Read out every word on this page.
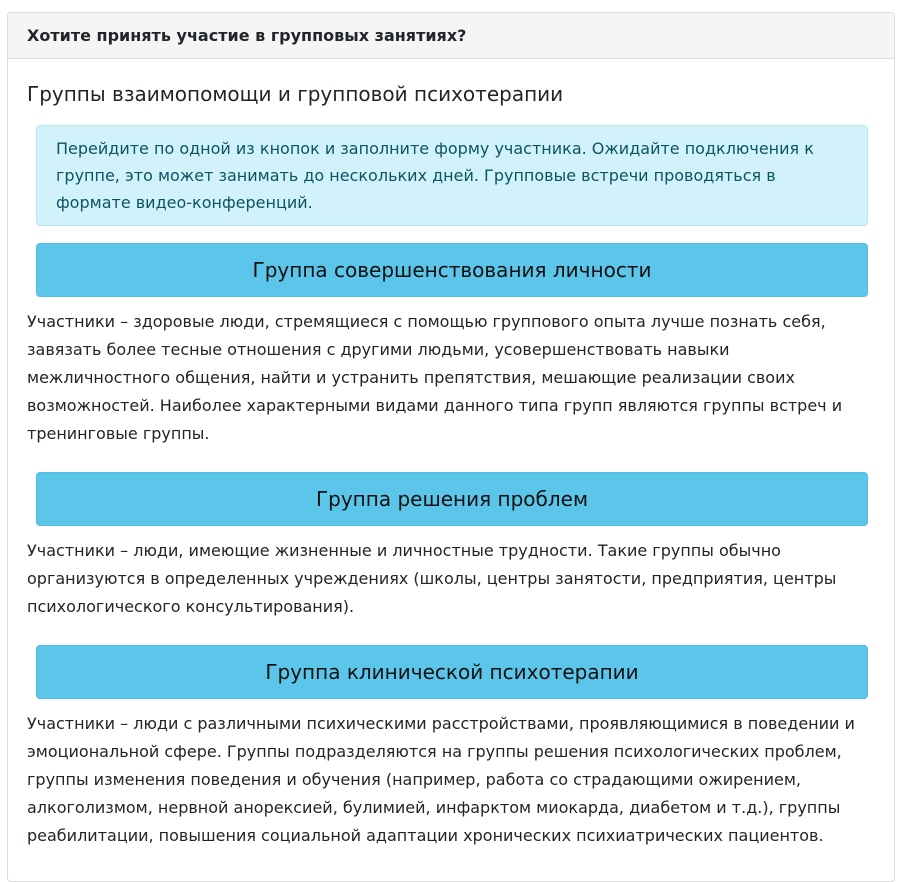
Хотите принять участие в групповых занятиях?
Группы взаимопомощи и групповой психотерапии
Перейдите по одной из кнопок и заполните форму участника. Ожидайте подключения к группе, это может занимать до нескольких дней. Групповые встречи проводяться в формате видео-конференций.
Группа совершенствования личности

Участники – здоровые люди, стремящиеся с помощью группового опыта лучше познать себя, завязать более тесные отношения с другими людьми, усовершенствовать навыки межличностного общения, найти и устранить препятствия, мешающие реализации своих возможностей. Наиболее характерными видами данного типа групп являются группы встреч и тренинговые группы.

Группа решения проблем

Участники – люди, имеющие жизненные и личностные трудности. Такие группы обычно организуются в определенных учреждениях (школы, центры занятости, предприятия, центры психологического консультирования).

Группа клинической психотерапии

Участники – люди с различными психическими расстройствами, проявляющимися в поведении и эмоциональной сфере. Группы подразделяются на группы решения психологических проблем, группы изменения поведения и обучения (например, работа со страдающими ожирением, алкоголизмом, нервной анорексией, булимией, инфарктом миокарда, диабетом и т.д.), группы реабилитации, повышения социальной адаптации хронических психиатрических пациентов.
